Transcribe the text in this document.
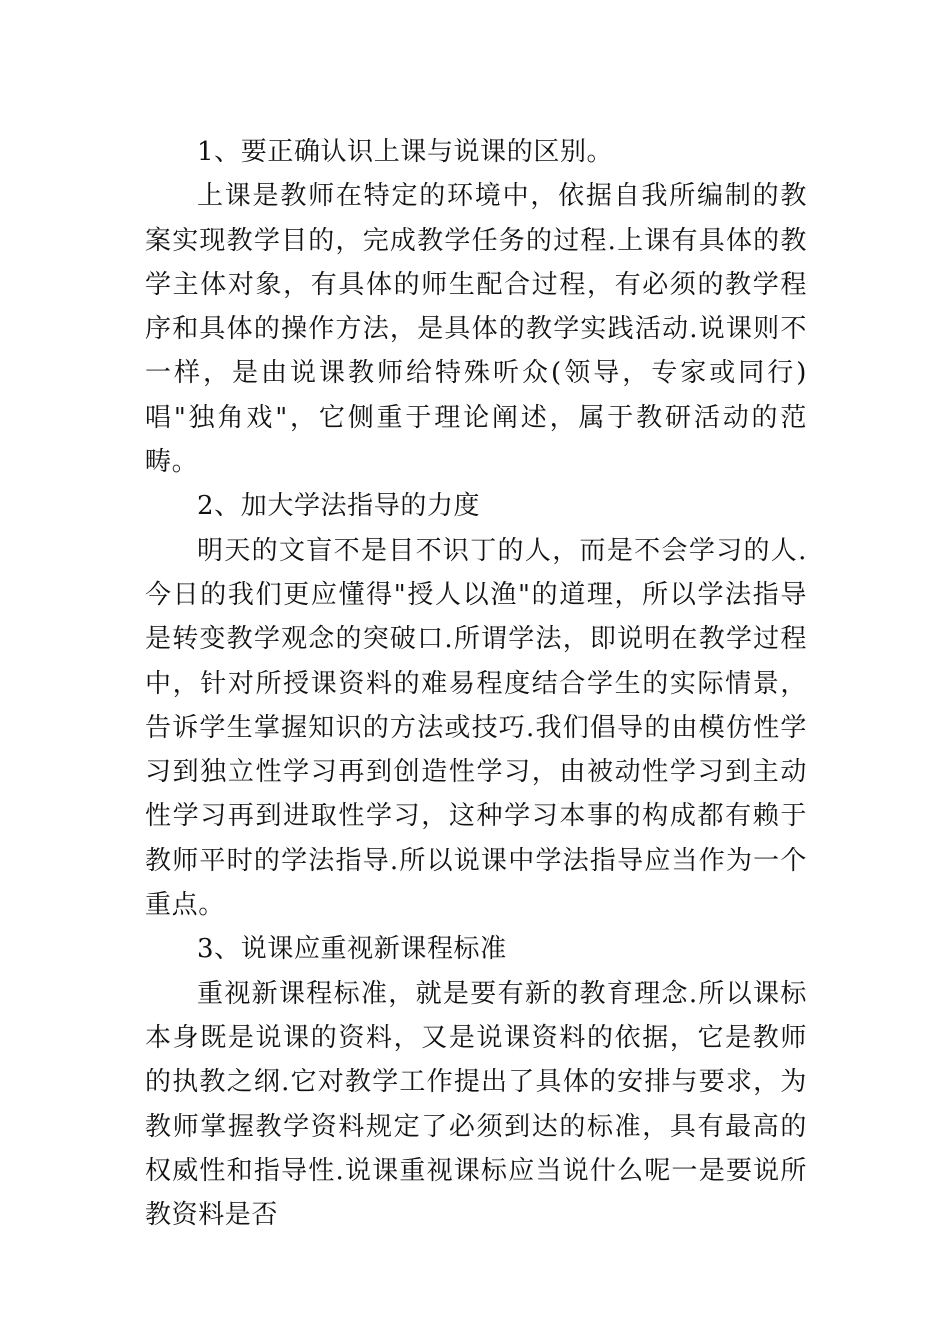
1、要正确认识上课与说课的区别。

上课是教师在特定的环境中，依据自我所编制的教案实现教学目的，完成教学任务的过程.上课有具体的教学主体对象，有具体的师生配合过程，有必须的教学程序和具体的操作方法，是具体的教学实践活动.说课则不一样，是由说课教师给特殊听众(领导，专家或同行)唱"独角戏"，它侧重于理论阐述，属于教研活动的范畴。

2、加大学法指导的力度

明天的文盲不是目不识丁的人，而是不会学习的人.今日的我们更应懂得"授人以渔"的道理，所以学法指导是转变教学观念的突破口.所谓学法，即说明在教学过程中，针对所授课资料的难易程度结合学生的实际情景，告诉学生掌握知识的方法或技巧.我们倡导的由模仿性学习到独立性学习再到创造性学习，由被动性学习到主动性学习再到进取性学习，这种学习本事的构成都有赖于教师平时的学法指导.所以说课中学法指导应当作为一个重点。

3、说课应重视新课程标准

重视新课程标准，就是要有新的教育理念.所以课标本身既是说课的资料，又是说课资料的依据，它是教师的执教之纲.它对教学工作提出了具体的安排与要求，为教师掌握教学资料规定了必须到达的标准，具有最高的权威性和指导性.说课重视课标应当说什么呢一是要说所教资料是否
